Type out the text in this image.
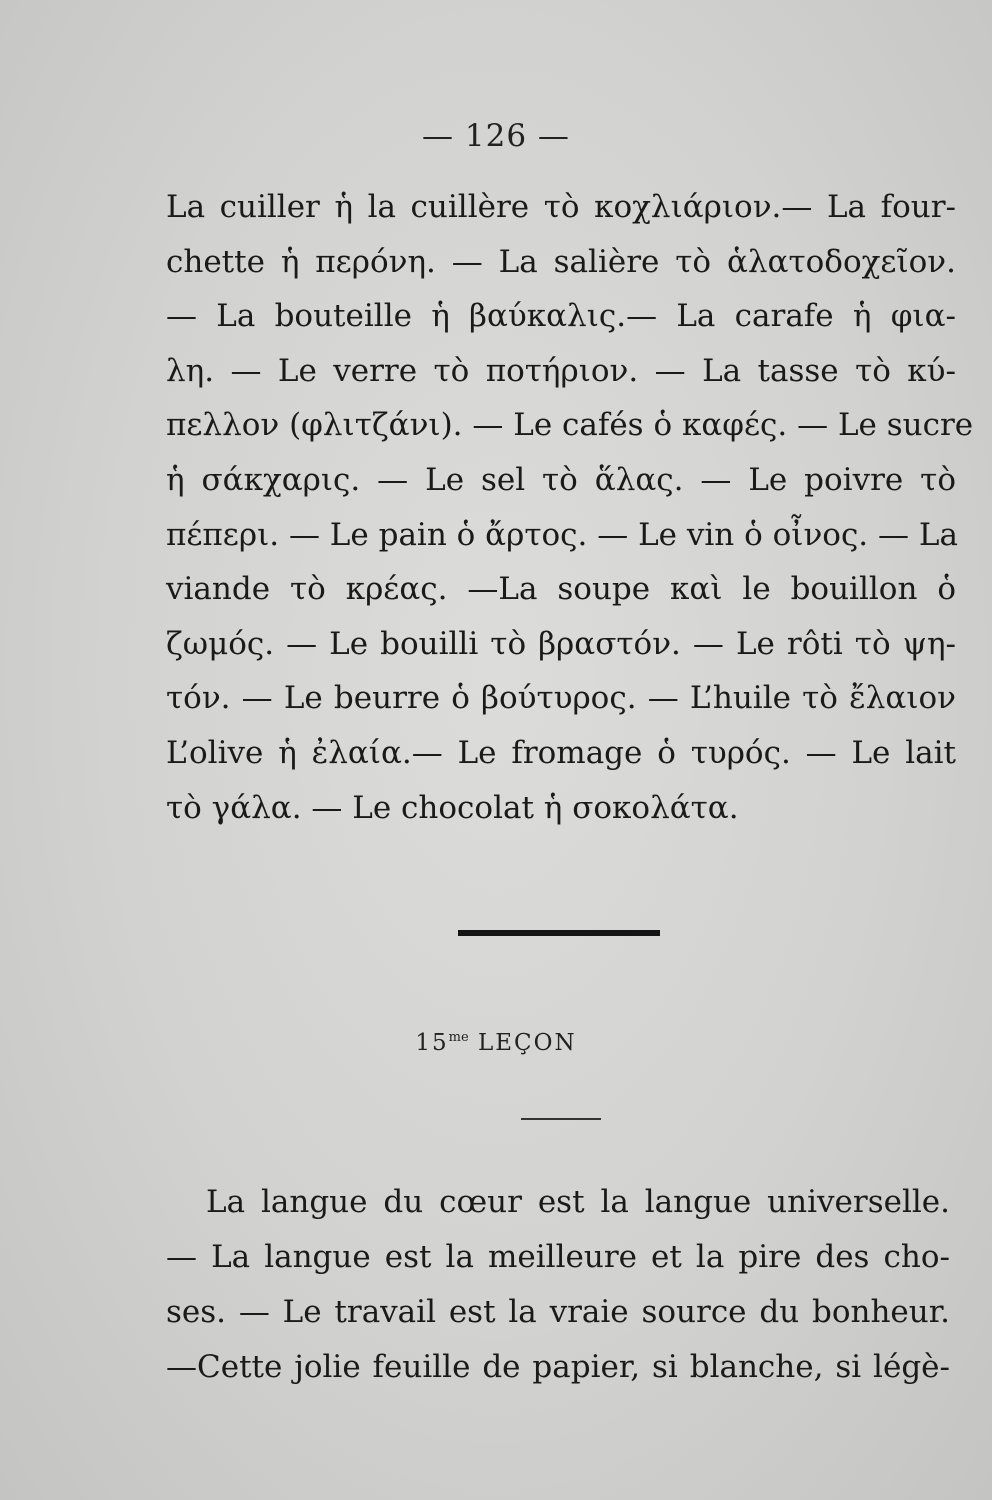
— 126 —
La cuiller ἡ la cuillère τὸ κοχλιάριον.— La four-
chette ἡ περόνη. — La salière τὸ ἁλατοδοχεῖον.
— La bouteille ἡ βαύκαλις.— La carafe ἡ φια-
λη. — Le verre τὸ ποτήριον. — La tasse τὸ κύ-
πελλον (φλιτζάνι). — Le cafés ὁ καφές. — Le sucre
ἡ σάκχαρις. — Le sel τὸ ἅλας. — Le poivre τὸ
πέπερι. — Le pain ὁ ἄρτος. — Le vin ὁ οἶνος. — La
viande τὸ κρέας. —La soupe καὶ le bouillon ὁ
ζωμός. — Le bouilli τὸ βραστόν. — Le rôti τὸ ψη-
τόν. — Le beurre ὁ βούτυρος. — L’huile τὸ ἔλαιον
L’olive ἡ ἐλαία.— Le fromage ὁ τυρός. — Le lait
τὸ γάλα. — Le chocolat ἡ σοκολάτα.
$15^{me}$ LEÇON
La langue du cœur est la langue universelle.
— La langue est la meilleure et la pire des cho-
ses. — Le travail est la vraie source du bonheur.
—Cette jolie feuille de papier, si blanche, si légè-
